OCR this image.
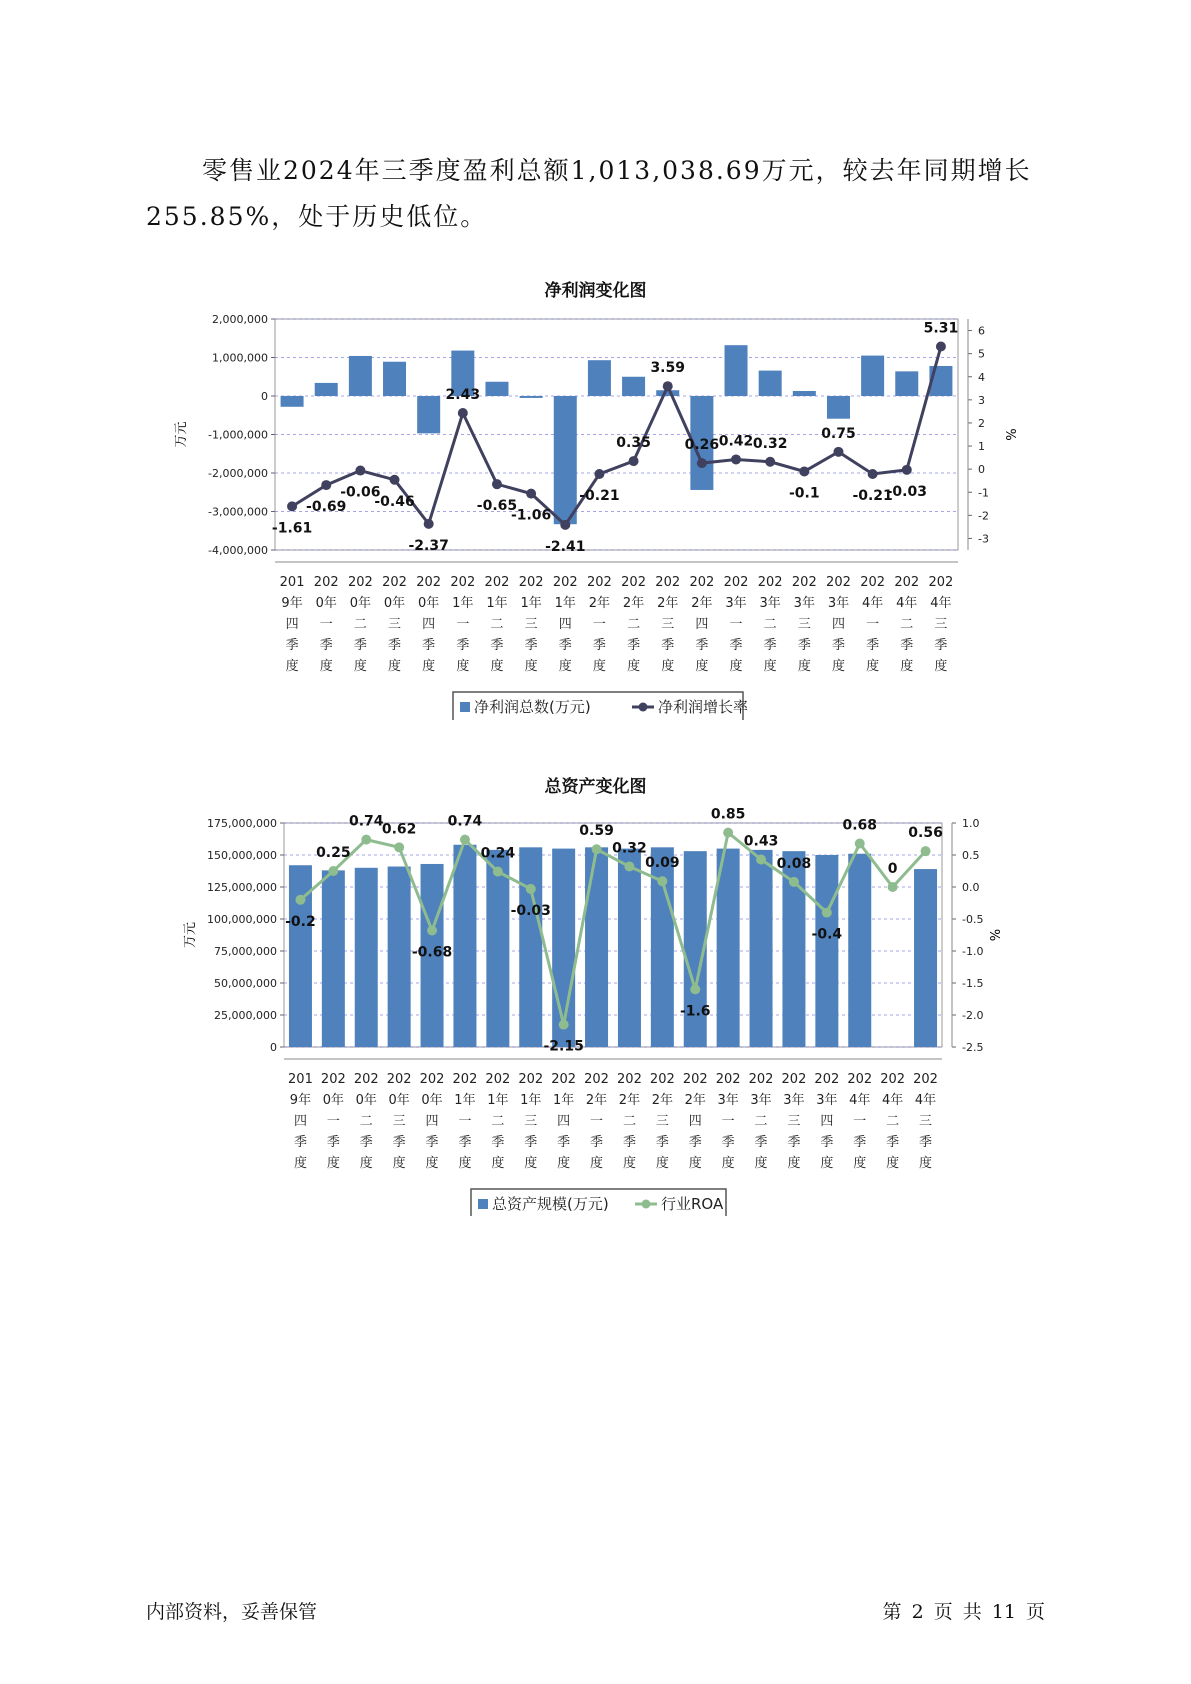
零售业2024年三季度盈利总额1,013,038.69万元，较去年同期增长255.85%，处于历史低位。

净利润变化图
2,000,000
1,000,000
0
-1,000,000
-2,000,000
-3,000,000
-4,000,000
6
5
4
3
2
1
0
-1
-2
-3
万元	%
-1.61
-0.69
-0.06
-0.46
-2.37
2.43
-0.65
-1.06
-2.41
-0.21
0.35
3.59
0.26 0.42 0.32
-0.1
0.75
-0.21
-0.03
5.31
201
9年
四
季
度
202
0年
一
季
度
202
0年
二
季
度
202
0年
三
季
度
202
0年
四
季
度
202
1年
一
季
度
202
1年
二
季
度
202
1年
三
季
度
202
1年
四
季
度
202
2年
一
季
度
202
2年
二
季
度
202
2年
三
季
度
202
2年
四
季
度
202
3年
一
季
度
202
3年
二
季
度
202
3年
三
季
度
202
3年
四
季
度
202
4年
一
季
度
202
4年
二
季
度
202
4年
三
季
度
净利润总数(万元)	净利润增长率
总资产变化图
175,000,000
150,000,000
125,000,000
100,000,000
75,000,000
50,000,000
25,000,000
0
1.0
0.5
0.0
-0.5
-1.0
-1.5
-2.0
-2.5
万元	%
-0.2
0.25
0.74
0.62
-0.68
0.74
0.24
-0.03
-2.15
0.59
0.32
0.09
-1.6
0.85
0.43
0.08
-0.4
0.68
0
0.56
201
9年
四
季
度
202
0年
一
季
度
202
0年
二
季
度
202
0年
三
季
度
202
0年
四
季
度
202
1年
一
季
度
202
1年
二
季
度
202
1年
三
季
度
202
1年
四
季
度
202
2年
一
季
度
202
2年
二
季
度
202
2年
三
季
度
202
2年
四
季
度
202
3年
一
季
度
202
3年
二
季
度
202
3年
三
季
度
202
3年
四
季
度
202
4年
一
季
度
202
4年
二
季
度
202
4年
三
季
度
总资产规模(万元)	行业ROA
内部资料，妥善保管	第 2 页 共 11 页
